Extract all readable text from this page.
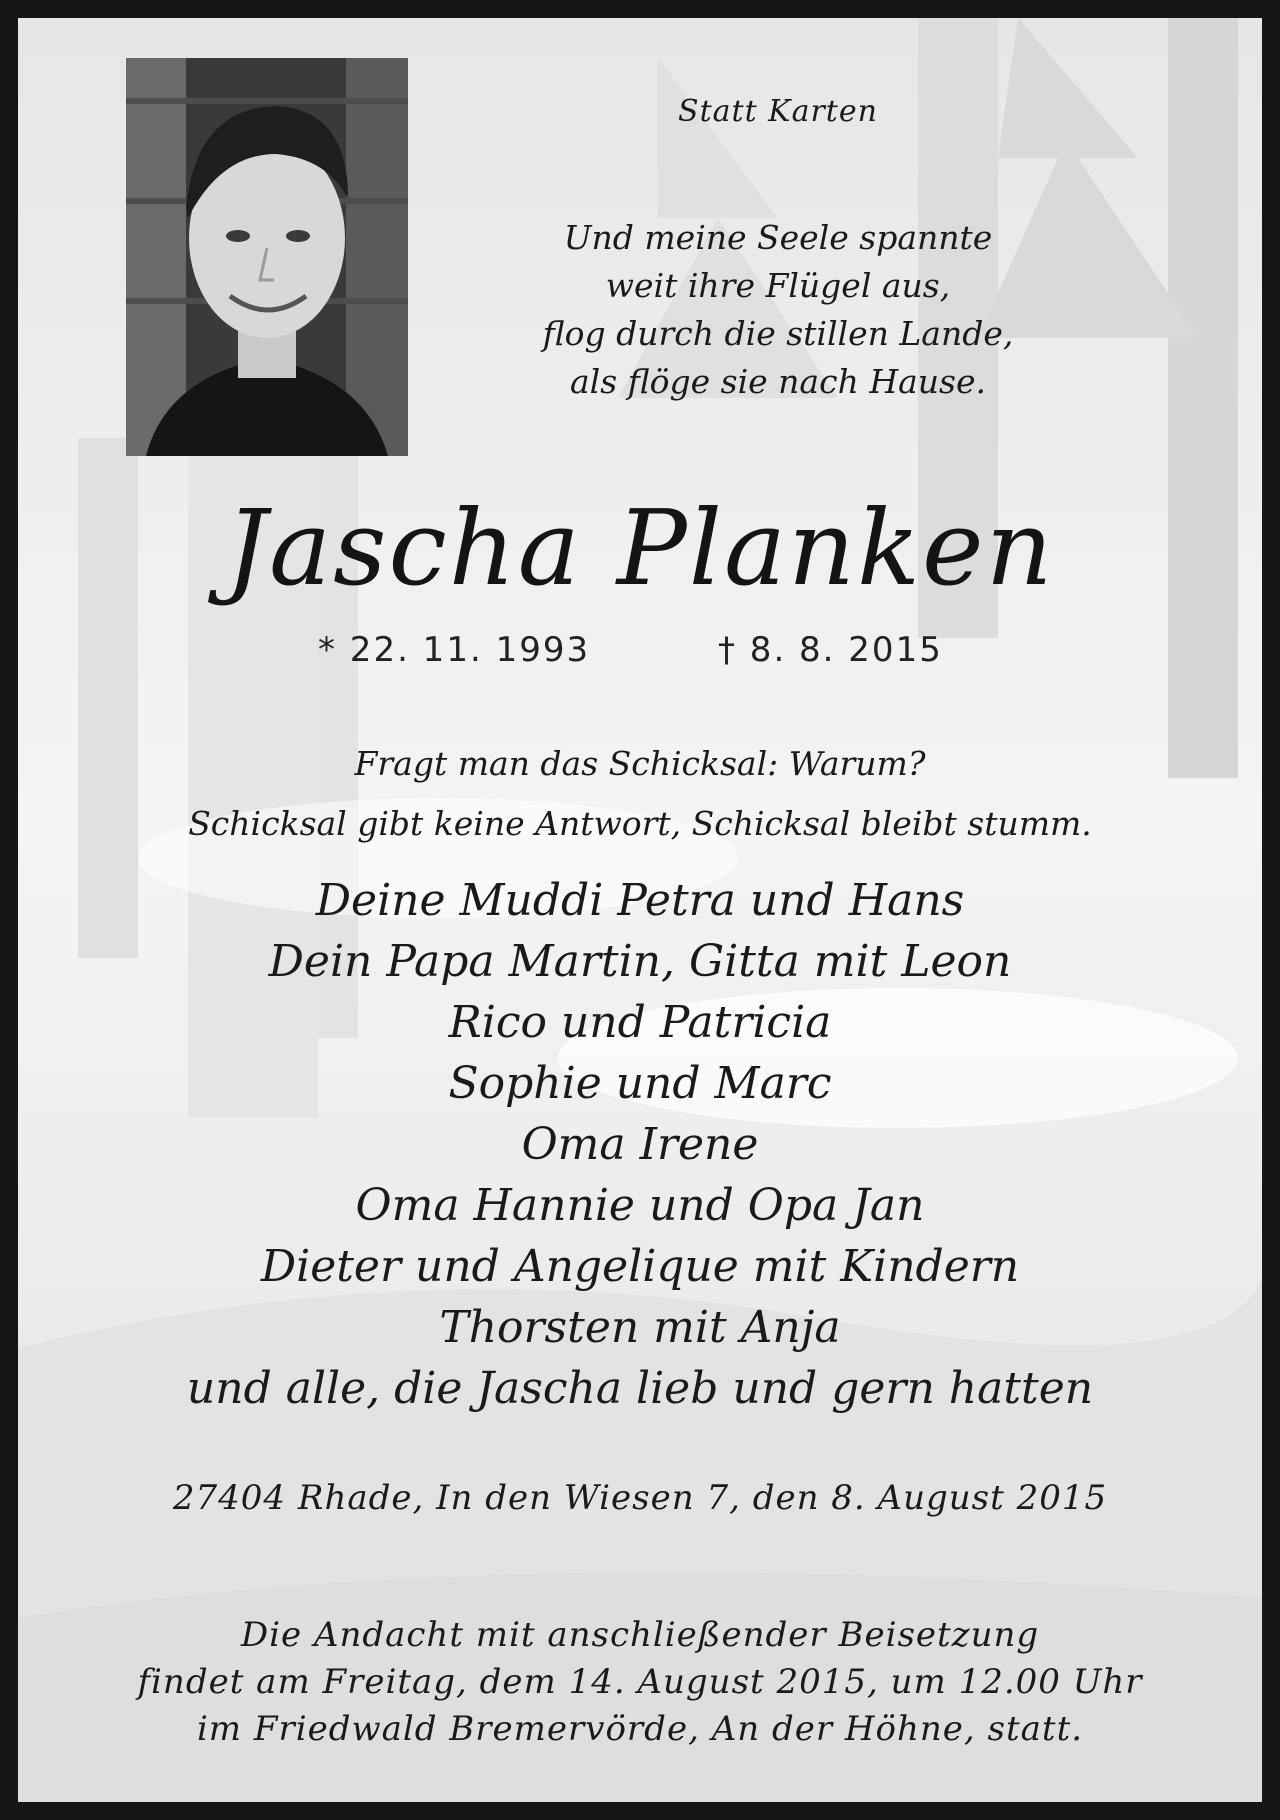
Statt Karten
Und meine Seele spannte
weit ihre Flügel aus,
flog durch die stillen Lande,
als flöge sie nach Hause.
Jascha Planken
* 22. 11. 1993	† 8. 8. 2015
Fragt man das Schicksal: Warum?
Schicksal gibt keine Antwort, Schicksal bleibt stumm.
Deine Muddi Petra und Hans
Dein Papa Martin, Gitta mit Leon
Rico und Patricia
Sophie und Marc
Oma Irene
Oma Hannie und Opa Jan
Dieter und Angelique mit Kindern
Thorsten mit Anja
und alle, die Jascha lieb und gern hatten
27404 Rhade, In den Wiesen 7, den 8. August 2015
Die Andacht mit anschließender Beisetzung
findet am Freitag, dem 14. August 2015, um 12.00 Uhr
im Friedwald Bremervörde, An der Höhne, statt.
